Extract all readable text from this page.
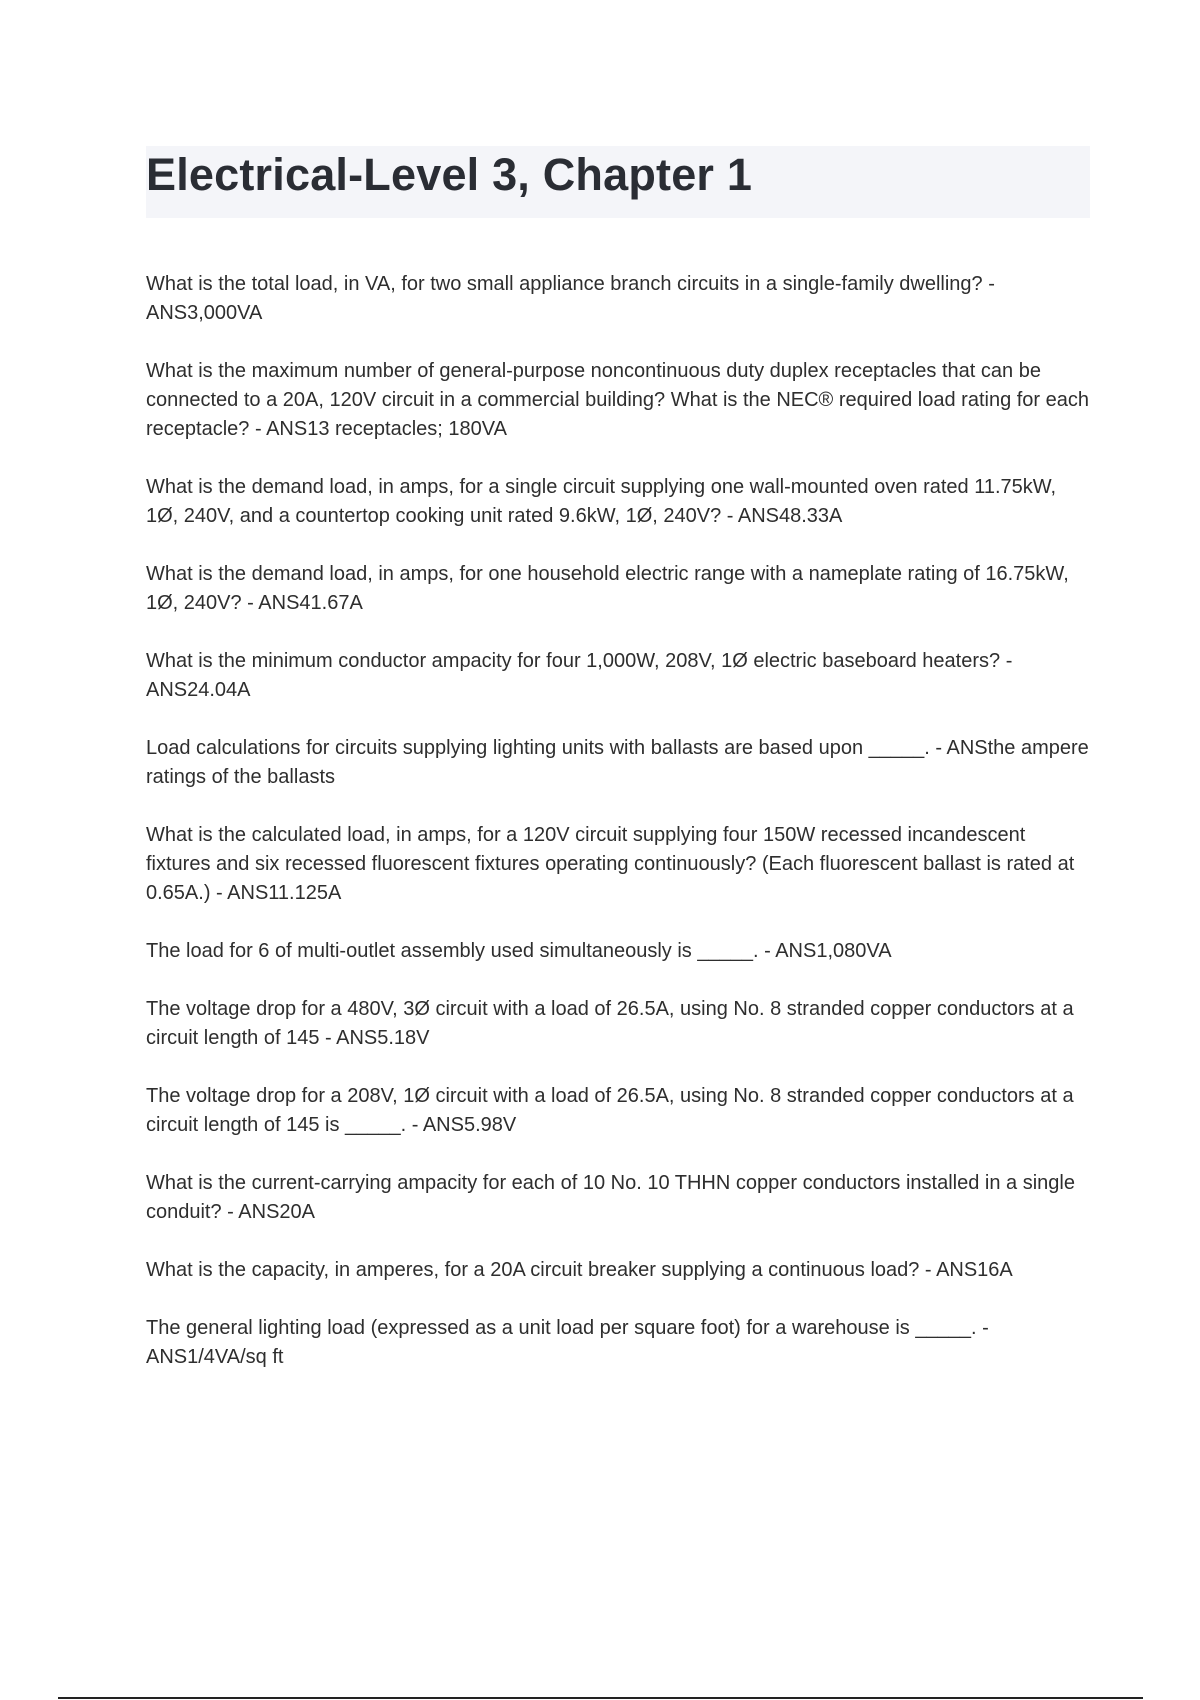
Electrical-Level 3, Chapter 1
What is the total load, in VA, for two small appliance branch circuits in a single-family dwelling? - ANS3,000VA
What is the maximum number of general-purpose noncontinuous duty duplex receptacles that can be connected to a 20A, 120V circuit in a commercial building? What is the NEC® required load rating for each receptacle? - ANS13 receptacles; 180VA
What is the demand load, in amps, for a single circuit supplying one wall-mounted oven rated 11.75kW, 1Ø, 240V, and a countertop cooking unit rated 9.6kW, 1Ø, 240V? - ANS48.33A
What is the demand load, in amps, for one household electric range with a nameplate rating of 16.75kW, 1Ø, 240V? - ANS41.67A
What is the minimum conductor ampacity for four 1,000W, 208V, 1Ø electric baseboard heaters? - ANS24.04A
Load calculations for circuits supplying lighting units with ballasts are based upon _____. - ANSthe ampere ratings of the ballasts
What is the calculated load, in amps, for a 120V circuit supplying four 150W recessed incandescent fixtures and six recessed fluorescent fixtures operating continuously? (Each fluorescent ballast is rated at 0.65A.) - ANS11.125A
The load for 6 of multi-outlet assembly used simultaneously is _____. - ANS1,080VA
The voltage drop for a 480V, 3Ø circuit with a load of 26.5A, using No. 8 stranded copper conductors at a circuit length of 145 - ANS5.18V
The voltage drop for a 208V, 1Ø circuit with a load of 26.5A, using No. 8 stranded copper conductors at a circuit length of 145 is _____. - ANS5.98V
What is the current-carrying ampacity for each of 10 No. 10 THHN copper conductors installed in a single conduit? - ANS20A
What is the capacity, in amperes, for a 20A circuit breaker supplying a continuous load? - ANS16A
The general lighting load (expressed as a unit load per square foot) for a warehouse is _____. - ANS1/4VA/sq ft
